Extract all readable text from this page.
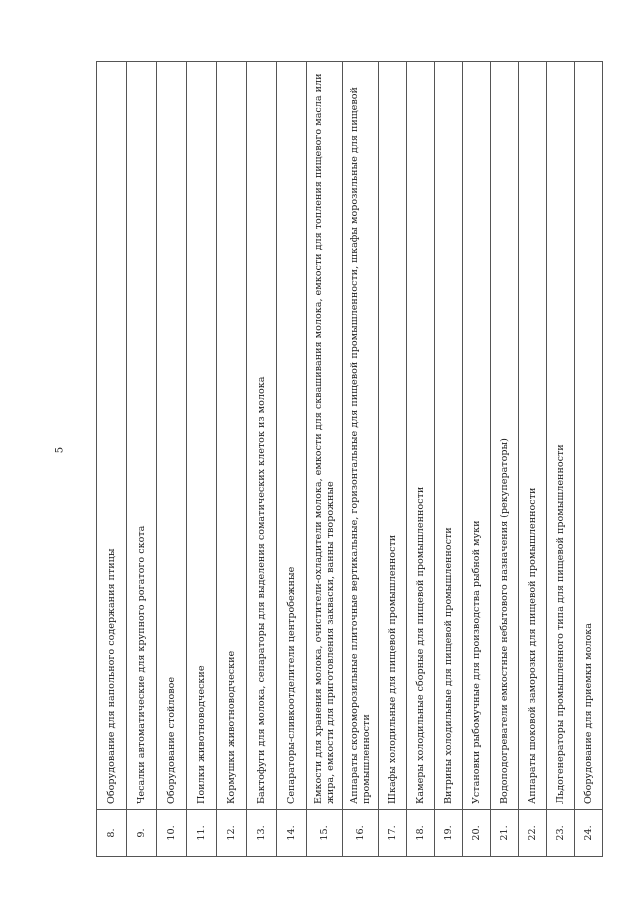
5
8.	Оборудование для напольного содержания птицы
9.	Чесалки автоматические для крупного рогатого скота
10.	Оборудование стойловое
11.	Поилки животноводческие
12.	Кормушки животноводческие
13.	Бактофуги для молока, сепараторы для выделения соматических клеток из молока
14.	Сепараторы-сливкоотделители центробежные
15.	Емкости для хранения молока, очистители-охладители молока, емкости для сквашивания молока, емкости для топления пищевого масла или жира, емкости для приготовления закваски, ванны творожные
16.	Аппараты скороморозильные плиточные вертикальные, горизонтальные для пищевой промышленности, шкафы морозильные для пищевой промышленности
17.	Шкафы холодильные для пищевой промышленности
18.	Камеры холодильные сборные для пищевой промышленности
19.	Витрины холодильные для пищевой промышленности
20.	Установки рыбомучные для производства рыбной муки
21.	Водоподогреватели емкостные небытового назначения (рекуператоры)
22.	Аппараты шоковой заморозки для пищевой промышленности
23.	Льдогенераторы промышленного типа для пищевой промышленности
24.	Оборудование для приемки молока
